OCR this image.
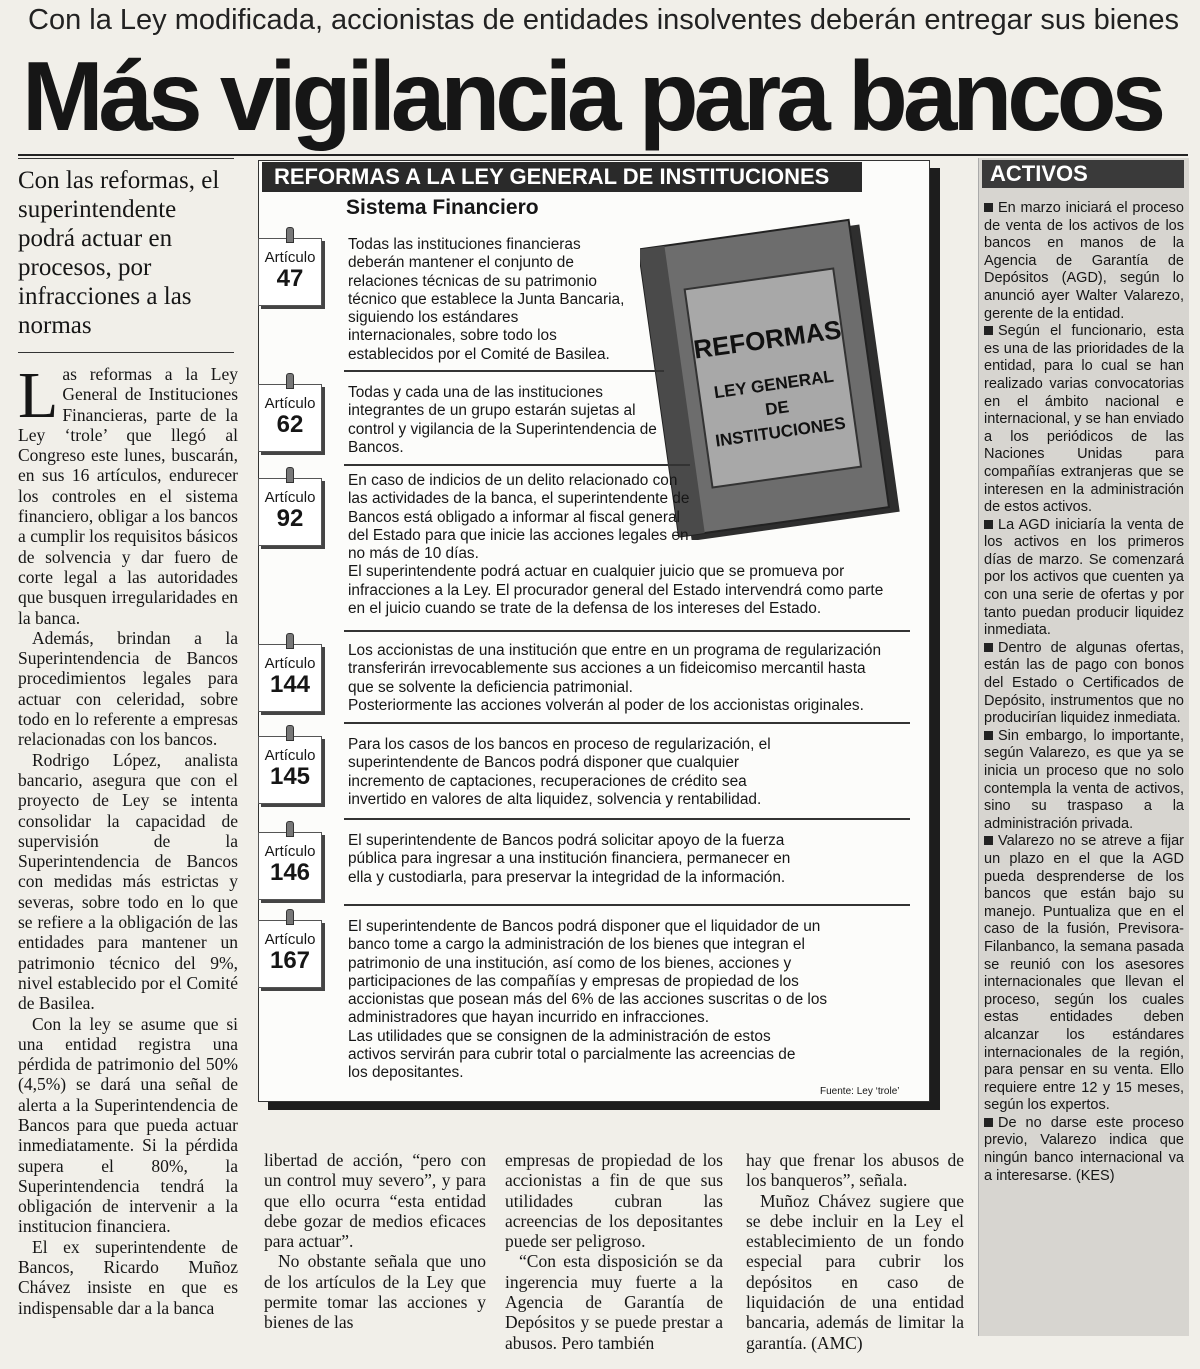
Con la Ley modificada, accionistas de entidades insolventes deberán entregar sus bienes
Más vigilancia para bancos
Con las reformas, el superintendente podrá actuar en procesos, por infracciones a las normas

Las reformas a la Ley General de Instituciones Financieras, parte de la Ley ‘trole’ que llegó al Congreso este lunes, buscarán, en sus 16 artículos, endurecer los controles en el sistema financiero, obligar a los bancos a cumplir los requisitos básicos de solvencia y dar fuero de corte legal a las autoridades que busquen irregularidades en la banca.

Además, brindan a la Superintendencia de Bancos procedimientos legales para actuar con celeridad, sobre todo en lo referente a empresas relacionadas con los bancos.

Rodrigo López, analista bancario, asegura que con el proyecto de Ley se intenta consolidar la capacidad de supervisión de la Superintendencia de Bancos con medidas más estrictas y severas, sobre todo en lo que se refiere a la obligación de las entidades para mantener un patrimonio técnico del 9%, nivel establecido por el Comité de Basilea.

Con la ley se asume que si una entidad registra una pérdida de patrimonio del 50% (4,5%) se dará una señal de alerta a la Superintendencia de Bancos para que pueda actuar inmediatamente. Si la pérdida supera el 80%, la Superintendencia tendrá la obligación de intervenir a la institucion financiera.

El ex superintendente de Bancos, Ricardo Muñoz Chávez insiste en que es indispensable dar a la banca

REFORMAS A LA LEY GENERAL DE INSTITUCIONES
Sistema Financiero
REFORMAS
LEY GENERAL
DE
INSTITUCIONES
Artículo
47

Todas las instituciones financieras deberán mantener el conjunto de relaciones técnicas de su patrimonio técnico que establece la Junta Bancaria, siguiendo los estándares internacionales, sobre todo los establecidos por el Comité de Basilea.

Artículo
62

Todas y cada una de las instituciones integrantes de un grupo estarán sujetas al control y vigilancia de la Superintendencia de Bancos.

Artículo
92

En caso de indicios de un delito relacionado con las actividades de la banca, el superintendente de Bancos está obligado a informar al fiscal general del Estado para que inicie las acciones legales en no más de 10 días.

El superintendente podrá actuar en cualquier juicio que se promueva por infracciones a la Ley. El procurador general del Estado intervendrá como parte en el juicio cuando se trate de la defensa de los intereses del Estado.

Artículo
144

Los accionistas de una institución que entre en un programa de regularización transferirán irrevocablemente sus acciones a un fideicomiso mercantil hasta que se solvente la deficiencia patrimonial.

Posteriormente las acciones volverán al poder de los accionistas originales.

Artículo
145

Para los casos de los bancos en proceso de regularización, el superintendente de Bancos podrá disponer que cualquier incremento de captaciones, recuperaciones de crédito sea invertido en valores de alta liquidez, solvencia y rentabilidad.

Artículo
146

El superintendente de Bancos podrá solicitar apoyo de la fuerza pública para ingresar a una institución financiera, permanecer en ella y custodiarla, para preservar la integridad de la información.

Artículo
167

El superintendente de Bancos podrá disponer que el liquidador de un banco tome a cargo la administración de los bienes que integran el patrimonio de una institución, así como de los bienes, acciones y participaciones de las compañías y empresas de propiedad de los accionistas que posean más del 6% de las acciones suscritas o de los administradores que hayan incurrido en infracciones.

Las utilidades que se consignen de la administración de estos activos servirán para cubrir total o parcialmente las acreencias de los depositantes.

Fuente: Ley ‘trole’

libertad de acción, “pero con un control muy severo”, y para que ello ocurra “esta entidad debe gozar de medios eficaces para actuar”.

No obstante señala que uno de los artículos de la Ley que permite tomar las acciones y bienes de las

empresas de propiedad de los accionistas a fin de que sus utilidades cubran las acreencias de los depositantes puede ser peligroso.

“Con esta disposición se da ingerencia muy fuerte a la Agencia de Garantía de Depósitos y se puede prestar a abusos. Pero también

hay que frenar los abusos de los banqueros”, señala.

Muñoz Chávez sugiere que se debe incluir en la Ley el establecimiento de un fondo especial para cubrir los depósitos en caso de liquidación de una entidad bancaria, además de limitar la garantía. (AMC)

ACTIVOS

En marzo iniciará el proceso de venta de los activos de los bancos en manos de la Agencia de Garantía de Depósitos (AGD), según lo anunció ayer Walter Valarezo, gerente de la entidad.

Según el funcionario, esta es una de las prioridades de la entidad, para lo cual se han realizado varias convocatorias en el ámbito nacional e internacional, y se han enviado a los periódicos de las Naciones Unidas para compañías extranjeras que se interesen en la administración de estos activos.

La AGD iniciaría la venta de los activos en los primeros días de marzo. Se comenzará por los activos que cuenten ya con una serie de ofertas y por tanto puedan producir liquidez inmediata.

Dentro de algunas ofertas, están las de pago con bonos del Estado o Certificados de Depósito, instrumentos que no producirían liquidez inmediata.

Sin embargo, lo importante, según Valarezo, es que ya se inicia un proceso que no solo contempla la venta de activos, sino su traspaso a la administración privada.

Valarezo no se atreve a fijar un plazo en el que la AGD pueda desprenderse de los bancos que están bajo su manejo. Puntualiza que en el caso de la fusión, Previsora-Filanbanco, la semana pasada se reunió con los asesores internacionales que llevan el proceso, según los cuales estas entidades deben alcanzar los estándares internacionales de la región, para pensar en su venta. Ello requiere entre 12 y 15 meses, según los expertos.

De no darse este proceso previo, Valarezo indica que ningún banco internacional va a interesarse. (KES)
